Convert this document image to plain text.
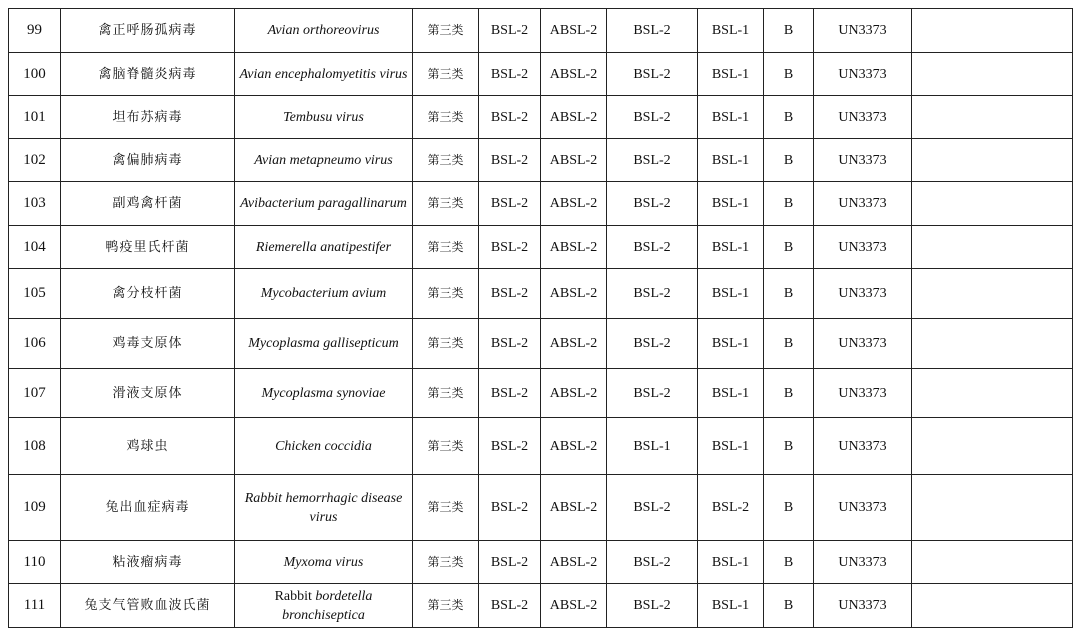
99	禽正呼肠孤病毒	Avian orthoreovirus	第三类	BSL-2	ABSL-2	BSL-2	BSL-1	B	UN3373	
100	禽脑脊髓炎病毒	Avian encephalomyetitis virus	第三类	BSL-2	ABSL-2	BSL-2	BSL-1	B	UN3373	
101	坦布苏病毒	Tembusu virus	第三类	BSL-2	ABSL-2	BSL-2	BSL-1	B	UN3373	
102	禽偏肺病毒	Avian metapneumo virus	第三类	BSL-2	ABSL-2	BSL-2	BSL-1	B	UN3373	
103	副鸡禽杆菌	Avibacterium paragallinarum	第三类	BSL-2	ABSL-2	BSL-2	BSL-1	B	UN3373	
104	鸭疫里氏杆菌	Riemerella anatipestifer	第三类	BSL-2	ABSL-2	BSL-2	BSL-1	B	UN3373	
105	禽分枝杆菌	Mycobacterium avium	第三类	BSL-2	ABSL-2	BSL-2	BSL-1	B	UN3373	
106	鸡毒支原体	Mycoplasma gallisepticum	第三类	BSL-2	ABSL-2	BSL-2	BSL-1	B	UN3373	
107	滑液支原体	Mycoplasma synoviae	第三类	BSL-2	ABSL-2	BSL-2	BSL-1	B	UN3373	
108	鸡球虫	Chicken coccidia	第三类	BSL-2	ABSL-2	BSL-1	BSL-1	B	UN3373	
109	兔出血症病毒	Rabbit hemorrhagic disease virus	第三类	BSL-2	ABSL-2	BSL-2	BSL-2	B	UN3373	
110	粘液瘤病毒	Myxoma virus	第三类	BSL-2	ABSL-2	BSL-2	BSL-1	B	UN3373	
111	兔支气管败血波氏菌	Rabbit bordetella bronchiseptica	第三类	BSL-2	ABSL-2	BSL-2	BSL-1	B	UN3373	
